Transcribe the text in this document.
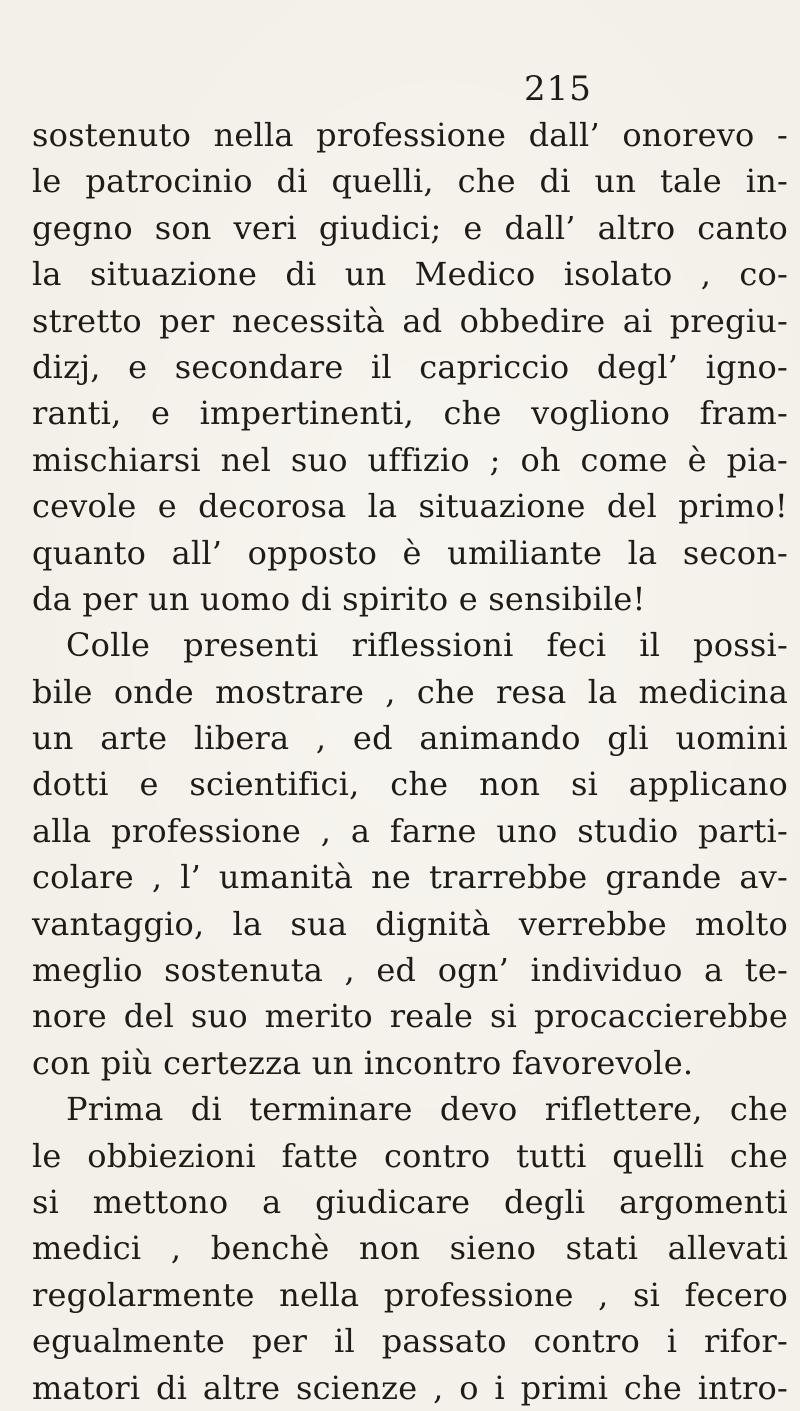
215
sostenuto nella professione dall’ onorevo -
le patrocinio di quelli, che di un tale in-
gegno son veri giudici; e dall’ altro canto
la situazione di un Medico isolato , co-
stretto per necessità ad obbedire ai pregiu-
dizj, e secondare il capriccio degl’ igno-
ranti, e impertinenti, che vogliono fram-
mischiarsi nel suo uffizio ; oh come è pia-
cevole e decorosa la situazione del primo!
quanto all’ opposto è umiliante la secon-
da per un uomo di spirito e sensibile!
Colle presenti riflessioni feci il possi-
bile onde mostrare , che resa la medicina
un arte libera , ed animando gli uomini
dotti e scientifici, che non si applicano
alla professione , a farne uno studio parti-
colare , l’ umanità ne trarrebbe grande av-
vantaggio, la sua dignità verrebbe molto
meglio sostenuta , ed ogn’ individuo a te-
nore del suo merito reale si procaccierebbe
con più certezza un incontro favorevole.
Prima di terminare devo riflettere, che
le obbiezioni fatte contro tutti quelli che
si mettono a giudicare degli argomenti
medici , benchè non sieno stati allevati
regolarmente nella professione , si fecero
egualmente per il passato contro i rifor-
matori di altre scienze , o i primi che intro-
